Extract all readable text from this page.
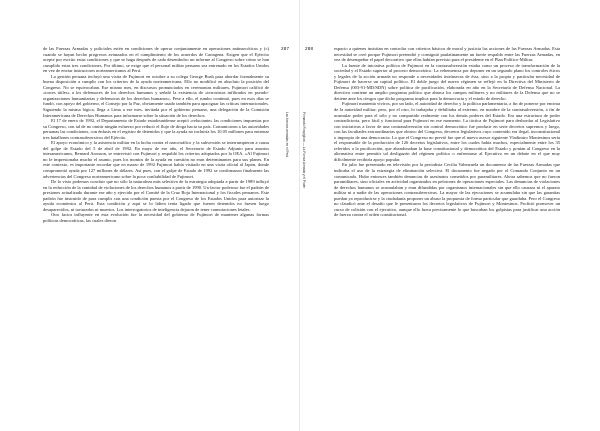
Las fuerzas armadas en el Perú
287

de las Fuerzas Armadas y policiales estén en condiciones de operar conjuntamente en operaciones antinarcóticos y (c) cuando se hayan hecho progresos avanzados en el cumplimiento de los acuerdos de Cartagena. Exigen que el Ejército acepte por escrito estas condiciones y que se haga después de cada desembolso un informe al Congreso sobre cómo se han cumplido estas tres condiciones. Por último, se exige que el personal militar peruano sea entrenado en los Estados Unidos en vez de enviar instructores norteamericanos al Perú.

La gestión peruana incluyó una visita de Fujimori en octubre a su colega George Bush para abordar formalmente su buena disposición a cumplir con los criterios de la ayuda norteamericana. Ello no modificó en absoluto la posición del Congreso. No se equivocaban. Ese mismo mes, en discursos pronunciados en ceremonias militares, Fujimori calificó de «torres útiles» a los defensores de los derechos humanos y señaló la existencia de «terroristas infiltrados en pseudo-organizaciones humanitarias y defensoras de los derechos humanos». Pese a ello, el rumbo continuó, pues en esos días se fundó, con apoyo del gobierno, el Consejo por la Paz, obviamente usado también para apaciguar las críticas internacionales. Siguiendo la misma lógica, llega a Lima a ese mes, invitada por el gobierno peruano, una delegación de la Comisión Interamericana de Derechos Humanos para informarse sobre la situación de los derechos.

El 17 de enero de 1992, el Departamento de Estado estadounidense aceptó «reluctante» las condiciones impuestas por su Congreso, con tal de no omitir ningún esfuerzo por reducir el flujo de droga hacia su país. Comunicaron a las autoridades peruanas las condiciones, con énfasis en el registro de detenidos y que la ayuda no incluiría los 10.05 millones para entrenar tres batallones contrasubversivos del Ejército.

El apoyo económico y la asistencia militar en la lucha contra el narcotráfico y la subversión se interrumpieron a causa del golpe de Estado del 5 de abril de 1992. En mayo de ese año, el Secretario de Estado Adjunto para asuntos interamericanos, Bernard Aronson, se entrevistó con Fujimori y respaldó los criterios adoptados por la OEA. «Al Fujimori no le impresionaba mucho el asunto, pues los montos de la ayuda en cuestión no eran determinantes para sus planes. En este contexto, es importante recordar que en marzo de 1992 Fujimori había visitado en una visita oficial al Japón, donde comprometió ayuda por 127 millones de dólares. Así pues, con el golpe de Estado de 1992 se confirmaron finalmente las advertencias del Congreso norteamericano sobre la poca confiabilidad de Fujimori.

De lo visto podemos concluir que no sólo la naturaleza más selectiva de la estrategia adoptada a partir de 1989 influyó en la reducción de la cantidad de violaciones de los derechos humanos a partir de 1990. Un factor poderoso fue el padrón de presiones actualizado durante ese año y ejercido por el Comité de la Cruz Roja Internacional y los fiscales peruanos. Este padrón fue instruido de para cumplir con una condición puesta por el Congreso de los Estados Unidos para autorizar la ayuda económica al Perú. Esta condición y aquí se lo lidien tenía ligado que fuesen detenidos no fuesen luego desaparecidos, ni torturados ni muertos. Los interrogatorios de inteligencia dejaron de tener connotaciones letales.

Otro factor influyente en esta evolución fue la necesidad del gobierno de Fujimori de mantener algunas formas políticas democráticas, las cuales dieron

Fernando Rospigliosi — La Fuerza Armada y el Poder
288	espacio a quienes insistían en controlar con criterios básicos de moral y justicia las acciones de las Fuerzas Armadas. Esta necesidad se creó porque Fujimori pretendió y consiguió paulatinamente un fuerte respaldo entre las Fuerzas Armadas, en vez de desempeñar el papel decorativo que ellas habían previsto para el presidente en el Plan Político-Militar.

La fuente de iniciativa política de Fujimori en la contrasubversión estaba como un proceso de transformación de la sociedad y el Estado superior al proceso democrático. La vehemencia por deponer en un segundo plano los controles éticos y legales de la acción armada no responde a necesidades intrínsecas de ésta, sino a la propia y particular necesidad de Fujimori de hacerse un capital político. El doble juego del nuevo régimen se reflejó en la Directiva del Ministerio de Defensa (003-91-MD/SDN) sobre política de pacificación, elaborada en año en la Secretaría de Defensa Nacional. La directiva contiene un amplio programa político que abarca los campos militares y no militares de la Defensa que no se detiene ante los riesgos que dicho programa implica para la democracia y el estado de derecho.

Fujimori mantenía viviros, por un lado, el autoridad de derecho y la política parlamentaria, a fin de ponerse por encima de la autoridad militar; pero, por el otro, lo trabajaba y debilitaba al extremo, en nombre de la contrasubversión, a fin de acumular poder para el sólo y no compartido realmente con los demás poderes del Estado. Era una estructura de poder contradictoria, pero fácil y funcional para Fujimori en ese momento. La táctica de Fujimori para desbordar al Legislativo con iniciativas a favor de una contrasubversión sin control democrático fue producir en serie decretos supremos y luego, con las facultades extraordinarias que obtuvo del Congreso, decretos legislativos cuyo contenido era ilegal, inconstitucional o impropio de una democracia. Lo que el Congreso no previó fue que el nuevo asesor siguiente Vladimiro Montesinos sería el responsable de la producción de 126 decretos legislativos, entre los cuales había muchos, especialmente entre los 35 referidos a la pacificación, que abandonaban la base constitucional y democrática del Estado y ponían al Congreso en la alternativa entre permitir tal desligazón del régimen político o enfrentarse al Ejecutivo en un debate en el que muy difícilmente recibiría apoyo popular.

En julio fue presentado en televisión por la periodista Cecilia Valenzuela un documento de las Fuerzas Armadas que indicaba el uso de la estrategia de eliminación selectiva. El documento fue negado por el Comando Conjunto en un comunicado. Hubo entonces también denuncias de asesinatos cometidos por paramilitares. Ahora sabemos que no fueron paramilitares, sino oficiales en actividad organizados en pelotones de operaciones especiales. Las denuncias de violaciones de derechos humanos se acumulaban y eran difundidas por organismos internacionales sin que ello causara ni el aparato militar ni a nadie de las operaciones contrasubversivas. La mayor de las ejecuciones se acumulaba sin que las garantías puedan ya reproducirse y la ciudadanía proponer un abuso la propuesta de forma particular que guardaba. Pero el Congreso no claudicó ante el desafío que le presentaron los decretos legislativos de Fujimori y Montesinos. Profirió promover un curso de colisión con el ejecutivo, aunque ello fuera precisamente lo que buscaban los golpistas para justificar una acción de fuerza contra el orden constitucional.
